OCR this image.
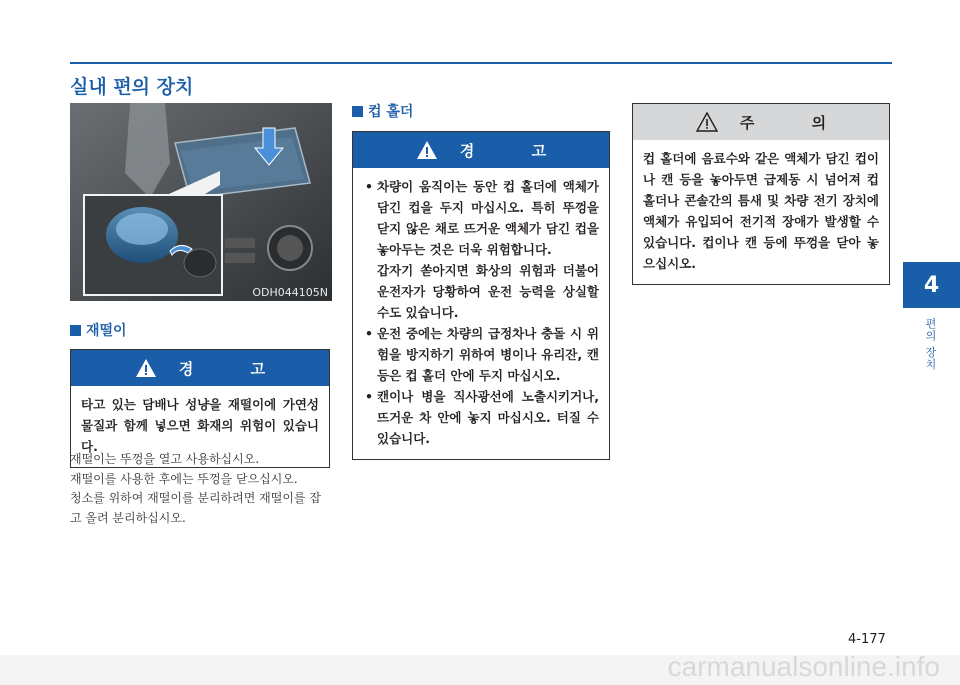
실내 편의 장치
ODH044105N
재떨이
경 고

타고 있는 담배나 성냥을 재떨이에 가연성 물질과 함께 넣으면 화재의 위험이 있습니다.

재떨이는 뚜껑을 열고 사용하십시오.

재떨이를 사용한 후에는 뚜껑을 닫으십시오.

청소를 위하여 재떨이를 분리하려면 재떨이를 잡고 올려 분리하십시오.

컵 홀더
경 고

• 차량이 움직이는 동안 컵 홀더에 액체가 담긴 컵을 두지 마십시오. 특히 뚜껑을 닫지 않은 채로 뜨거운 액체가 담긴 컵을 놓아두는 것은 더욱 위험합니다.

갑자기 쏟아지면 화상의 위험과 더불어 운전자가 당황하여 운전 능력을 상실할 수도 있습니다.

• 운전 중에는 차량의 급정차나 충돌 시 위험을 방지하기 위하여 병이나 유리잔, 캔 등은 컵 홀더 안에 두지 마십시오.

• 캔이나 병을 직사광선에 노출시키거나, 뜨거운 차 안에 놓지 마십시오. 터질 수 있습니다.

주 의

컵 홀더에 음료수와 같은 액체가 담긴 컵이나 캔 등을 놓아두면 급제동 시 넘어져 컵 홀더나 콘솔간의 틈새 및 차량 전기 장치에 액체가 유입되어 전기적 장애가 발생할 수 있습니다. 컵이나 캔 등에 뚜껑을 닫아 놓으십시오.

4
편의 장치
4-177
carmanualsonline.info
